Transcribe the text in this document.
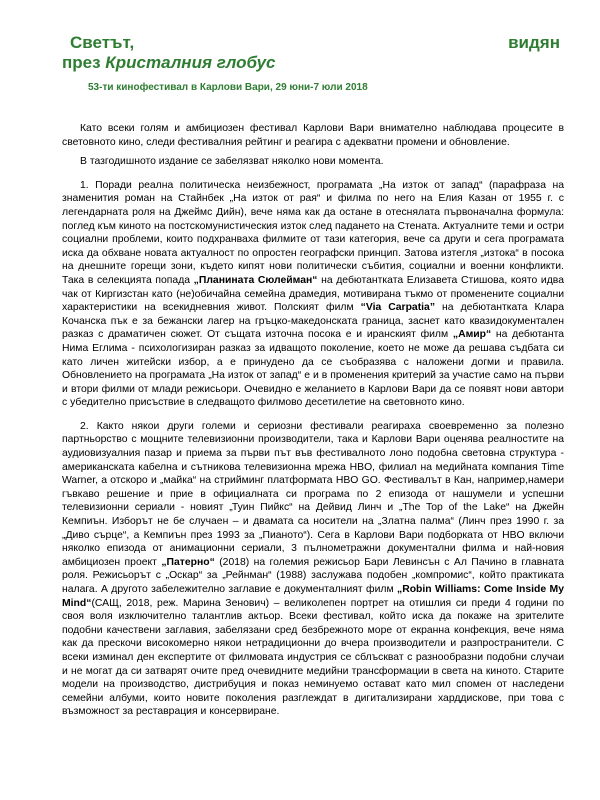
Светът,	видян
през Кристалния глобус
53-ти кинофестивал в Карлови Вари, 29 юни-7 юли 2018

Като всеки голям и амбициозен фестивал Карлови Вари внимателно наблюдава процесите в световното кино, следи фестивалния рейтинг и реагира с адекватни промени и обновление.

В тазгодишното издание се забелязват няколко нови момента.

1. Поради реална политическа неизбежност, програмата „На изток от запад“ (парафраза на знаменития роман на Стайнбек „На изток от рая“ и филма по него на Елия Казан от 1955 г. с легендарната роля на Джеймс Дийн), вече няма как да остане в отеснялата първоначална формула: поглед към киното на постскомунистическия изток след падането на Стената. Актуалните теми и остри социални проблеми, които подхранваха филмите от тази категория, вече са други и сега програмата иска да обхване новата актуалност по опростен географски принцип. Затова изтегля „изтока“ в посока на днешните горещи зони, където кипят нови политически събития, социални и военни конфликти. Така в селекцията попада „Планината Сюлейман“ на дебютантката Елизавета Стишова, която идва чак от Киргизстан като (не)обичайна семейна драмедия, мотивирана тъкмо от променените социални характеристики на всекидневния живот. Полският филм “Via Carpatia” на дебютантката Клара Кочанска пък е за бежански лагер на гръцко-македонската граница, заснет като квазидокументален разказ с драматичен сюжет. От същата източна посока е и иранският филм „Амир“ на дебютанта Нима Еглима - психологизиран разказ за идващото поколение, което не може да решава съдбата си като личен житейски избор, а е принудено да се съобразява с наложени догми и правила. Обновлението на програмата „На изток от запад“ е и в променения критерий за участие само на първи и втори филми от млади режисьори. Очевидно е желанието в Карлови Вари да се появят нови автори с убедително присъствие в следващото филмово десетилетие на световното кино.

2. Както някои други големи и сериозни фестивали реагираха своевременно за полезно партньорство с мощните телевизионни производители, така и Карлови Вари оценява реалностите на аудиовизуалния пазар и приема за първи път във фестивалното лоно подобна световна структура - американската кабелна и сътникова телевизионна мрежа HBO, филиал на медийната компания Time Warner, а отскоро и „майка“ на стрийминг платформата HBO GO. Фестивалът в Кан, например,намери гъвкаво решение и прие в официалната си програма по 2 епизода от нашумели и успешни телевизионни сериали - новият „Туин Пийкс“ на Дейвид Линч и „The Top of the Lake“ на Джейн Кемпиън. Изборът не бе случаен – и двамата са носители на „Златна палма“ (Линч през 1990 г. за „Диво сърце“, а Кемпиън през 1993 за „Пианото“). Сега в Карлови Вари подборката от HBO включи няколко епизода от анимационни сериали, 3 пълнометражни документални филма и най-новия амбициозен проект „Патерно“ (2018) на големия режисьор Бари Левинсън с Ал Пачино в главната роля. Режисьорът с „Оскар“ за „Рейнман“ (1988) заслужава подобен „компромис“, който практиката налага. А другото забележително заглавие е документалният филм „Robin Williams: Come Inside My Mind“(САЩ, 2018, реж. Марина Зенович) – великолепен портрет на отишлия си преди 4 години по своя воля изключително талантлив актьор. Всеки фестивал, който иска да покаже на зрителите подобни качествени заглавия, забелязани сред безбрежното море от екранна конфекция, вече няма как да прескочи високомерно някои нетрадиционни до вчера производители и разпространители. С всеки изминал ден експертите от филмовата индустрия се сблъскват с разнообразни подобни случаи и не могат да си затварят очите пред очевидните медийни трансформации в света на киното. Старите модели на производство, дистрибуция и показ неминуемо остават като мил спомен от наследени семейни албуми, които новите поколения разглеждат в дигитализирани харддискове, при това с възможност за реставрация и консервиране.
